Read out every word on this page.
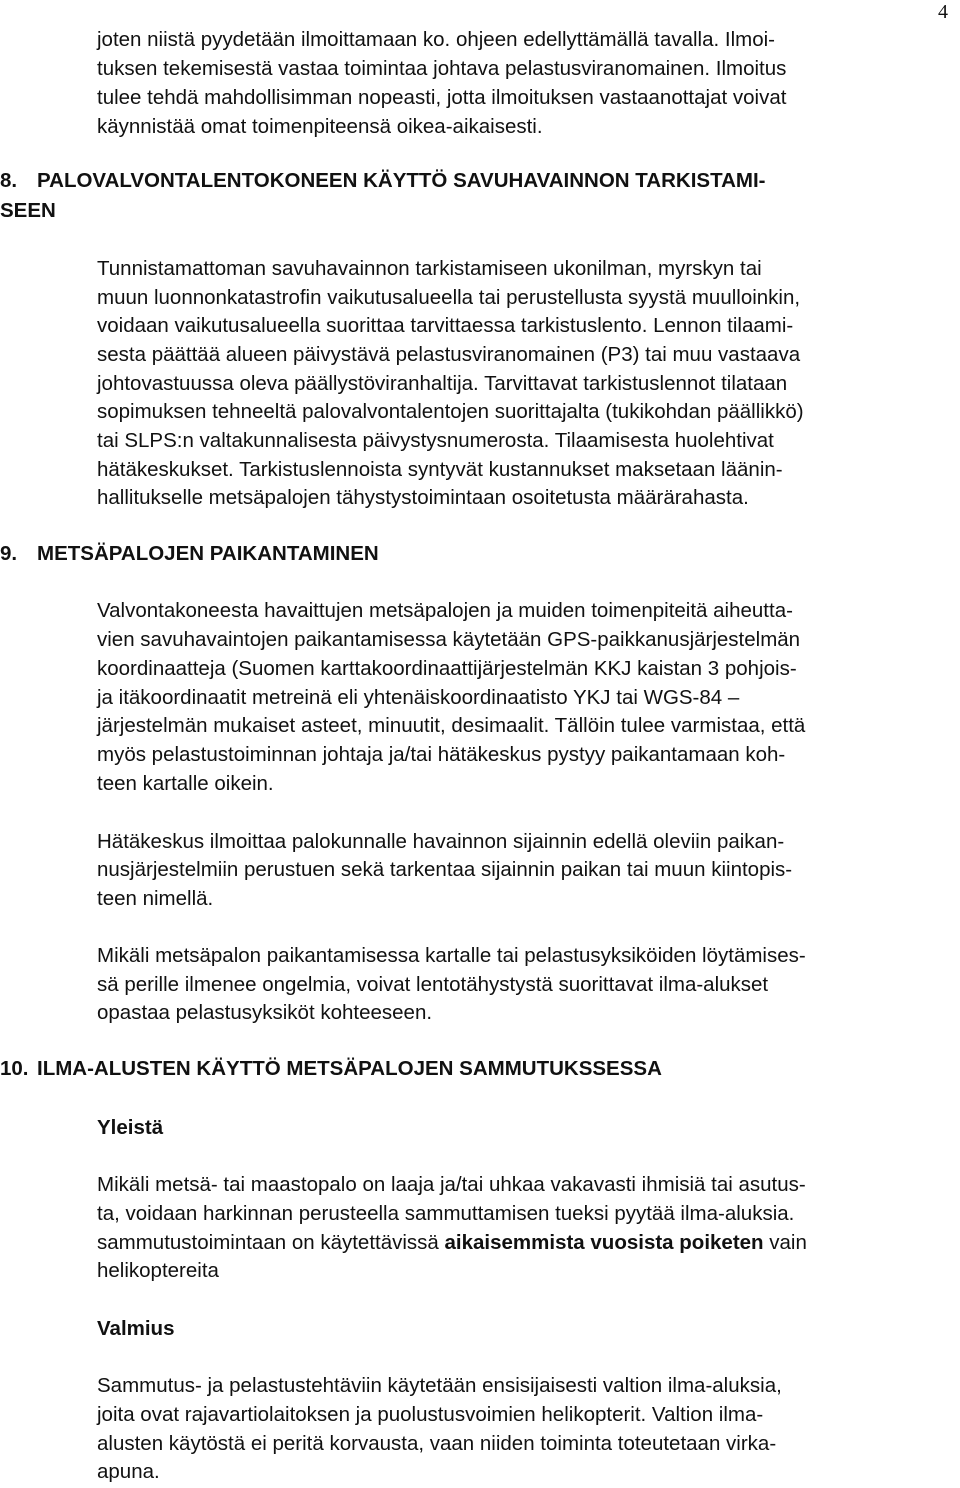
4
joten niistä pyydetään ilmoittamaan ko. ohjeen edellyttämällä tavalla. Ilmoi-
tuksen tekemisestä vastaa toimintaa johtava pelastusviranomainen. Ilmoitus
tulee tehdä mahdollisimman nopeasti, jotta ilmoituksen vastaanottajat voivat
käynnistää omat toimenpiteensä oikea-aikaisesti.
8. PALOVALVONTALENTOKONEEN KÄYTTÖ SAVUHAVAINNON TARKISTAMI-
SEEN
Tunnistamattoman savuhavainnon tarkistamiseen ukonilman, myrskyn tai
muun luonnonkatastrofin vaikutusalueella tai perustellusta syystä muulloinkin,
voidaan vaikutusalueella suorittaa tarvittaessa tarkistuslento. Lennon tilaami-
sesta päättää alueen päivystävä pelastusviranomainen (P3) tai muu vastaava
johtovastuussa oleva päällystöviranhaltija. Tarvittavat tarkistuslennot tilataan
sopimuksen tehneeltä palovalvontalentojen suorittajalta (tukikohdan päällikkö)
tai SLPS:n valtakunnalisesta päivystysnumerosta. Tilaamisesta huolehtivat
hätäkeskukset. Tarkistuslennoista syntyvät kustannukset maksetaan läänin-
hallitukselle metsäpalojen tähystystoimintaan osoitetusta määrärahasta.
9. METSÄPALOJEN PAIKANTAMINEN
Valvontakoneesta havaittujen metsäpalojen ja muiden toimenpiteitä aiheutta-
vien savuhavaintojen paikantamisessa käytetään GPS-paikkanusjärjestelmän
koordinaatteja (Suomen karttakoordinaattijärjestelmän KKJ kaistan 3 pohjois-
ja itäkoordinaatit metreinä eli yhtenäiskoordinaatisto YKJ tai WGS-84 –
järjestelmän mukaiset asteet, minuutit, desimaalit. Tällöin tulee varmistaa, että
myös pelastustoiminnan johtaja ja/tai hätäkeskus pystyy paikantamaan koh-
teen kartalle oikein.
Hätäkeskus ilmoittaa palokunnalle havainnon sijainnin edellä oleviin paikan-
nusjärjestelmiin perustuen sekä tarkentaa sijainnin paikan tai muun kiintopis-
teen nimellä.
Mikäli metsäpalon paikantamisessa kartalle tai pelastusyksiköiden löytämises-
sä perille ilmenee ongelmia, voivat lentotähystystä suorittavat ilma-alukset
opastaa pelastusyksiköt kohteeseen.
10. ILMA-ALUSTEN KÄYTTÖ METSÄPALOJEN SAMMUTUKSSESSA
Yleistä
Mikäli metsä- tai maastopalo on laaja ja/tai uhkaa vakavasti ihmisiä tai asutus-
ta, voidaan harkinnan perusteella sammuttamisen tueksi pyytää ilma-aluksia.
sammutustoimintaan on käytettävissä aikaisemmista vuosista poiketen vain
helikoptereita
Valmius
Sammutus- ja pelastustehtäviin käytetään ensisijaisesti valtion ilma-aluksia,
joita ovat rajavartiolaitoksen ja puolustusvoimien helikopterit. Valtion ilma-
alusten käytöstä ei peritä korvausta, vaan niiden toiminta toteutetaan virka-
apuna.
